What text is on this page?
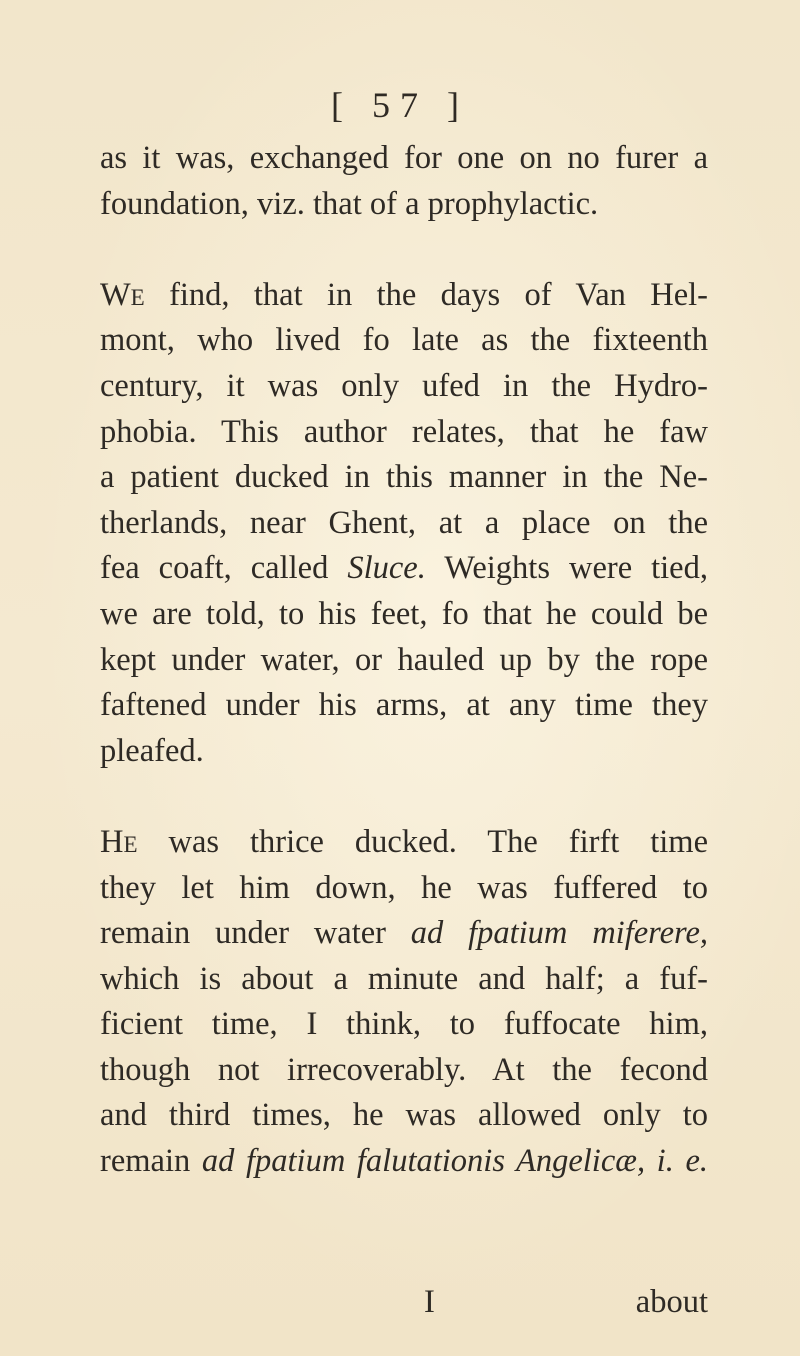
[ 57 ]
as it was, exchanged for one on no furer a
foundation, viz. that of a prophylactic.
We find, that in the days of Van Hel-
mont, who lived fo late as the fixteenth
century, it was only ufed in the Hydro-
phobia. This author relates, that he faw
a patient ducked in this manner in the Ne-
therlands, near Ghent, at a place on the
fea coaft, called Sluce. Weights were tied,
we are told, to his feet, fo that he could be
kept under water, or hauled up by the rope
faftened under his arms, at any time they
pleafed.
He was thrice ducked. The firft time
they let him down, he was fuffered to
remain under water ad fpatium miferere,
which is about a minute and half; a fuf-
ficient time, I think, to fuffocate him,
though not irrecoverably. At the fecond
and third times, he was allowed only to
remain ad fpatium falutationis Angelicæ, i. e.
I	about
